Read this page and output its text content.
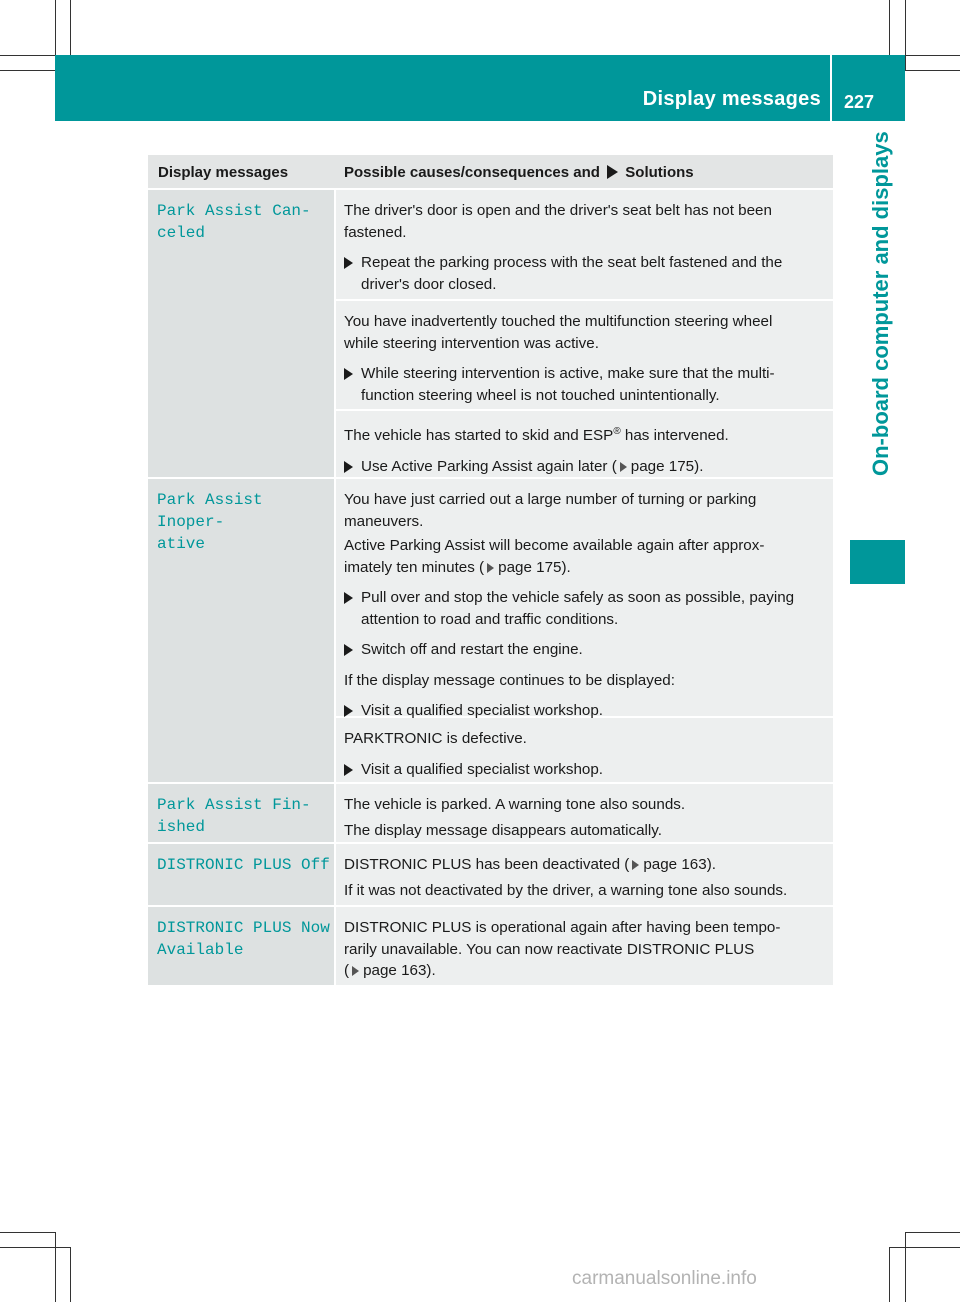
Display messages 227
On-board computer and displays
Display messages	Possible causes/consequences and Solutions
Park Assist Can‐
celed

The driver's door is open and the driver's seat belt has not been
fastened.

Repeat the parking process with the seat belt fastened and the
driver's door closed.

You have inadvertently touched the multifunction steering wheel
while steering intervention was active.

While steering intervention is active, make sure that the multi‐
function steering wheel is not touched unintentionally.

The vehicle has started to skid and ESP® has intervened.

Use Active Parking Assist again later ( page 175).
Park Assist Inoper‐
ative

You have just carried out a large number of turning or parking
maneuvers.

Active Parking Assist will become available again after approx‐
imately ten minutes ( page 175).

Pull over and stop the vehicle safely as soon as possible, paying
attention to road and traffic conditions.
Switch off and restart the engine.

If the display message continues to be displayed:

Visit a qualified specialist workshop.

PARKTRONIC is defective.

Visit a qualified specialist workshop.
Park Assist Fin‐
ished

The vehicle is parked. A warning tone also sounds.

The display message disappears automatically.

DISTRONIC PLUS Off DISTRONIC PLUS has been deactivated ( page 163).

If it was not deactivated by the driver, a warning tone also sounds.

DISTRONIC PLUS Now
Available

DISTRONIC PLUS is operational again after having been tempo‐
rarily unavailable. You can now reactivate DISTRONIC PLUS
( page 163).

carmanualsonline.info
